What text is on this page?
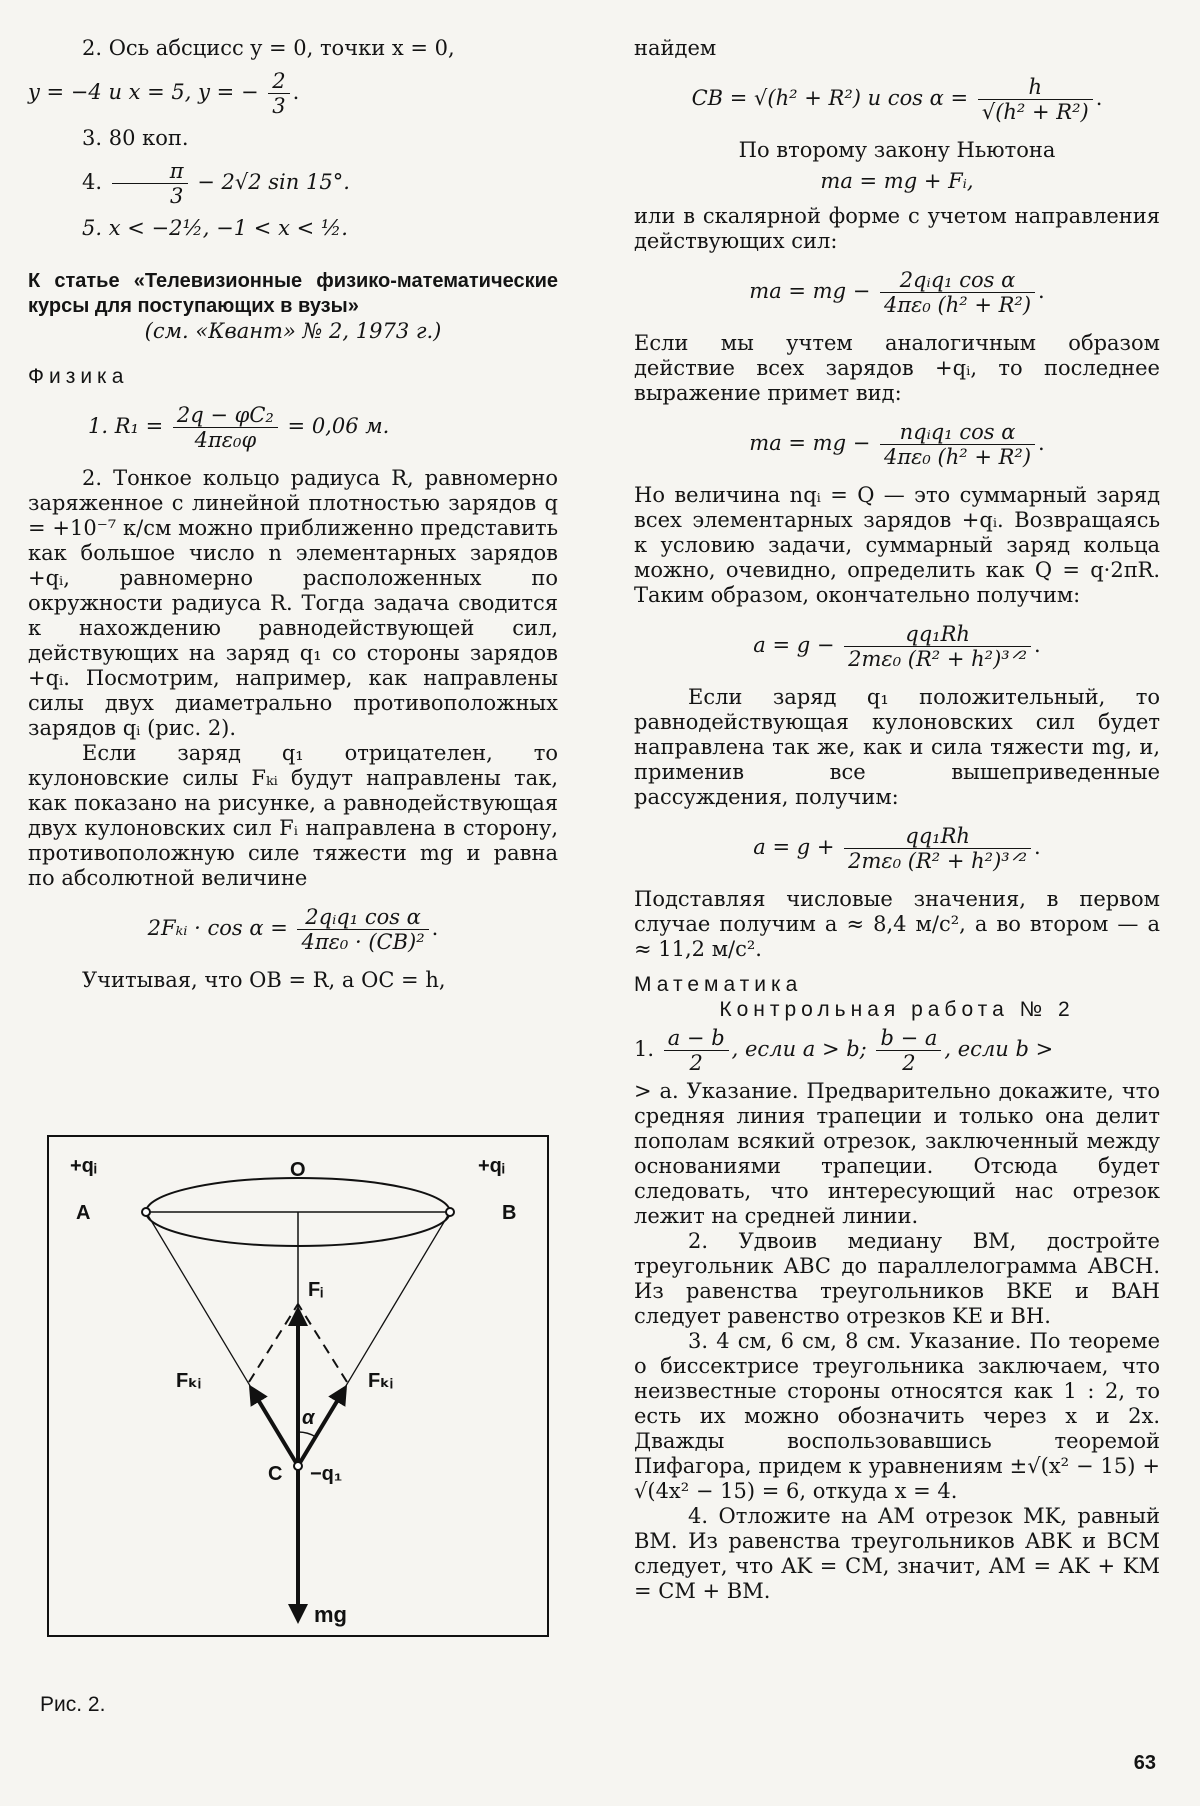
2. Ось абсцисс y = 0, точки x = 0,

y = −4 и x = 5, y = − $\frac{2}{3}$ .

3. 80 коп.

4. $\frac{\pi}{3} - 2√2$ sin 15°.

5. x < −2½, −1 < x < ½.

К статье «Телевизионные физико-математические курсы для поступающих в вузы»

(см. «Квант» № 2, 1973 г.)

Физика

1. $R_1 = \frac{\text{2q − φC₂}}{\text{4πε₀φ}} = 0,06$ м.

2. Тонкое кольцо радиуса R, равномерно заряженное с линейной плотностью зарядов q = +10⁻⁷ к/см можно приближенно представить как большое число n элементарных зарядов +qᵢ, равномерно расположенных по окружности радиуса R. Тогда задача сводится к нахождению равнодействующей сил, действующих на заряд q₁ со стороны зарядов +qᵢ. Посмотрим, например, как направлены силы двух диаметрально противоположных зарядов qᵢ (рис. 2).

Если заряд q₁ отрицателен, то кулоновские силы Fₖᵢ будут направлены так, как показано на рисунке, а равнодействующая двух кулоновских сил Fᵢ направлена в сторону, противоположную силе тяжести mg и равна по абсолютной величине

2Fₖᵢ · $\cos \alpha = \frac{\text{2qᵢq₁ cos α}}{\text{4πε₀ · (CB)²}}$ .

Учитывая, что OB = R, а OC = h,

+qᵢ	+qᵢ
O
A	B
Fᵢ
Fₖᵢ	Fₖᵢ
α
C −q₁
mg
Рис. 2.

найдем

CB = √(h² + R²) и $\cos \alpha = \frac{h}{\text{√(h² + R²)}}$ .

По второму закону Ньютона

ma = mg + Fᵢ,

или в скалярной форме с учетом направления действующих сил:

ma = mg − $\frac{\text{2qᵢq₁ cos α}}{\text{4πε₀ (h² + R²)}}$ .

Если мы учтем аналогичным образом действие всех зарядов +qᵢ, то последнее выражение примет вид:

ma = mg − $\frac{\text{nqᵢq₁ cos α}}{\text{4πε₀ (h² + R²)}}$ .

Но величина nqᵢ = Q — это суммарный заряд всех элементарных зарядов +qᵢ. Возвращаясь к условию задачи, суммарный заряд кольца можно, очевидно, определить как Q = q·2πR. Таким образом, окончательно получим:

$a = g - \frac{\text{qq₁Rh}}{\text{2mε₀ (R² + h²)³ᐟ²}}$ .

Если заряд q₁ положительный, то равнодействующая кулоновских сил будет направлена так же, как и сила тяжести mg, и, применив все вышеприведенные рассуждения, получим:

$a = g + \frac{\text{qq₁Rh}}{\text{2mε₀ (R² + h²)³ᐟ²}}$ .

Подставляя числовые значения, в первом случае получим a ≈ 8,4 м/с², а во втором — a ≈ 11,2 м/с².

Математика

Контрольная работа № 2

1. $\frac{a - b}{2}$ , если a > b; $\frac{b - a}{2}$ , если b >

> a. Указание. Предварительно докажите, что средняя линия трапеции и только она делит пополам всякий отрезок, заключенный между основаниями трапеции. Отсюда будет следовать, что интересующий нас отрезок лежит на средней линии.

2. Удвоив медиану BM, достройте треугольник ABC до параллелограмма ABCH. Из равенства треугольников BKE и BAH следует равенство отрезков KE и BH.

3. 4 см, 6 см, 8 см. Указание. По теореме о биссектрисе треугольника заключаем, что неизвестные стороны относятся как 1 : 2, то есть их можно обозначить через x и 2x. Дважды воспользовавшись теоремой Пифагора, придем к уравнениям ±√(x² − 15) + √(4x² − 15) = 6, откуда x = 4.

4. Отложите на AM отрезок MK, равный BM. Из равенства треугольников ABK и BCM следует, что AK = CM, значит, AM = AK + KM = CM + BM.

63
